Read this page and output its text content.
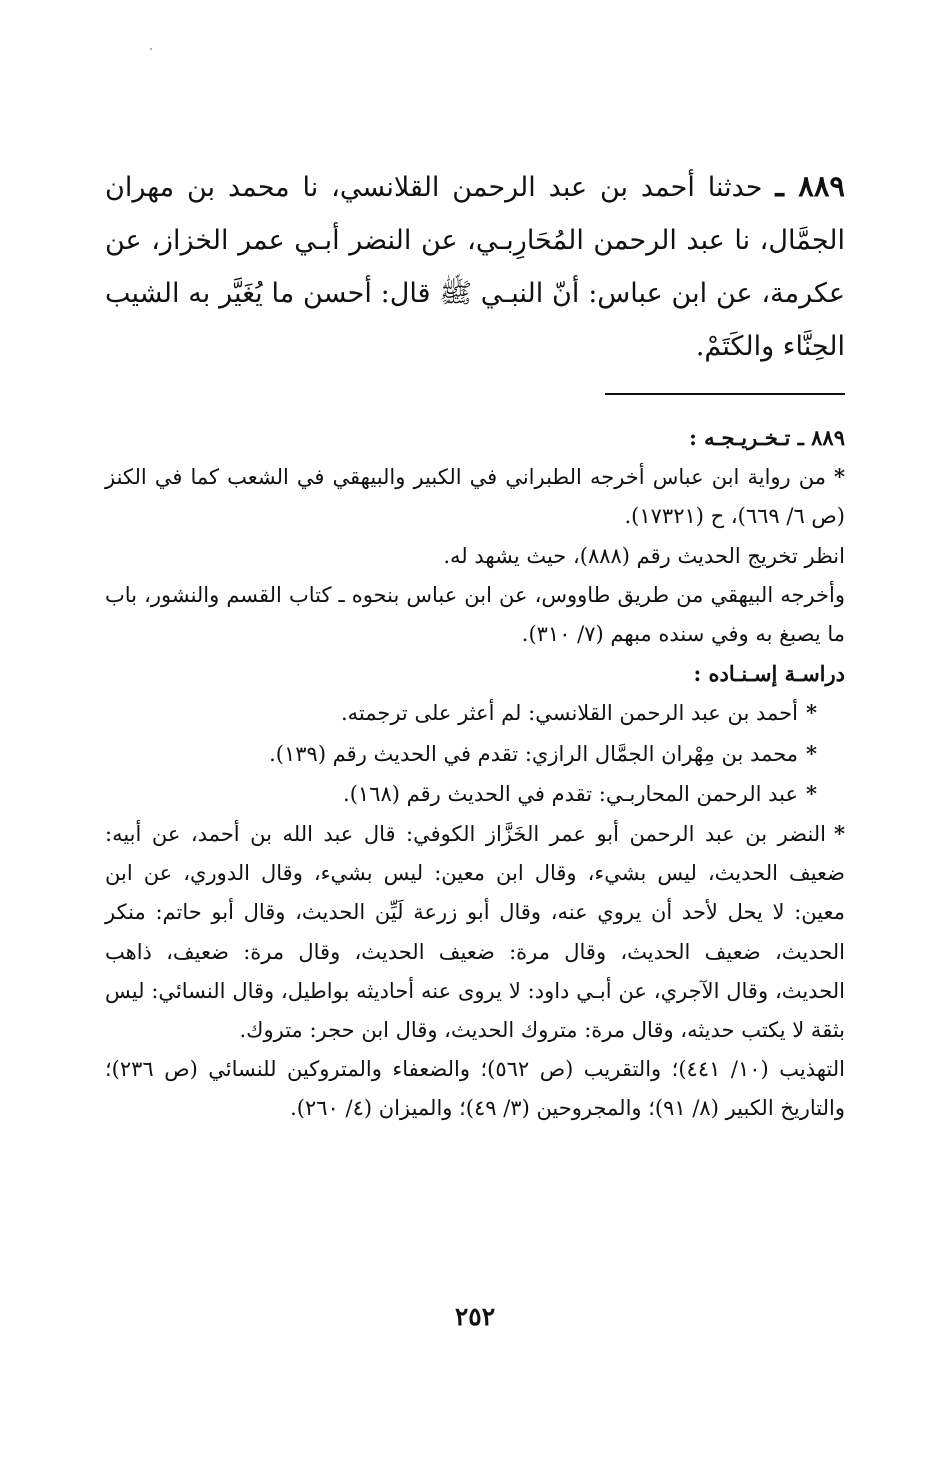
٨٨٩ ـ حدثنا أحمد بن عبد الرحمن القلانسي، نا محمد بن مهران الجمَّال، نا عبد الرحمن المُحَارِبـي، عن النضر أبـي عمر الخزاز، عن عكرمة، عن ابن عباس: أنّ النبـي ﷺ قال: أحسن ما يُغَيَّر به الشيب الحِنَّاء والكَتَمْ.

٨٨٩ ـ تـخـريـجـه :

*من رواية ابن عباس أخرجه الطبراني في الكبير والبيهقي في الشعب كما في الكنز (ص ٦/ ٦٦٩)، ح (١٧٣٢١).

انظر تخريج الحديث رقم (٨٨٨)، حيث يشهد له.

وأخرجه البيهقي من طريق طاووس، عن ابن عباس بنحوه ـ كتاب القسم والنشور، باب ما يصبغ به وفي سنده مبهم (٧/ ٣١٠).

دراسـة إسـنـاده :

*أحمد بن عبد الرحمن القلانسي: لم أعثر على ترجمته.

*محمد بن مِهْران الجمَّال الرازي: تقدم في الحديث رقم (١٣٩).

*عبد الرحمن المحاربـي: تقدم في الحديث رقم (١٦٨).

*النضر بن عبد الرحمن أبو عمر الخَزَّاز الكوفي: قال عبد الله بن أحمد، عن أبيه: ضعيف الحديث، ليس بشيء، وقال ابن معين: ليس بشيء، وقال الدوري، عن ابن معين: لا يحل لأحد أن يروي عنه، وقال أبو زرعة لَيِّن الحديث، وقال أبو حاتم: منكر الحديث، ضعيف الحديث، وقال مرة: ضعيف الحديث، وقال مرة: ضعيف، ذاهب الحديث، وقال الآجري، عن أبـي داود: لا يروى عنه أحاديثه بواطيل، وقال النسائي: ليس بثقة لا يكتب حديثه، وقال مرة: متروك الحديث، وقال ابن حجر: متروك.

التهذيب (١٠/ ٤٤١)؛ والتقريب (ص ٥٦٢)؛ والضعفاء والمتروكين للنسائي (ص ٢٣٦)؛ والتاريخ الكبير (٨/ ٩١)؛ والمجروحين (٣/ ٤٩)؛ والميزان (٤/ ٢٦٠).

٢٥٢
